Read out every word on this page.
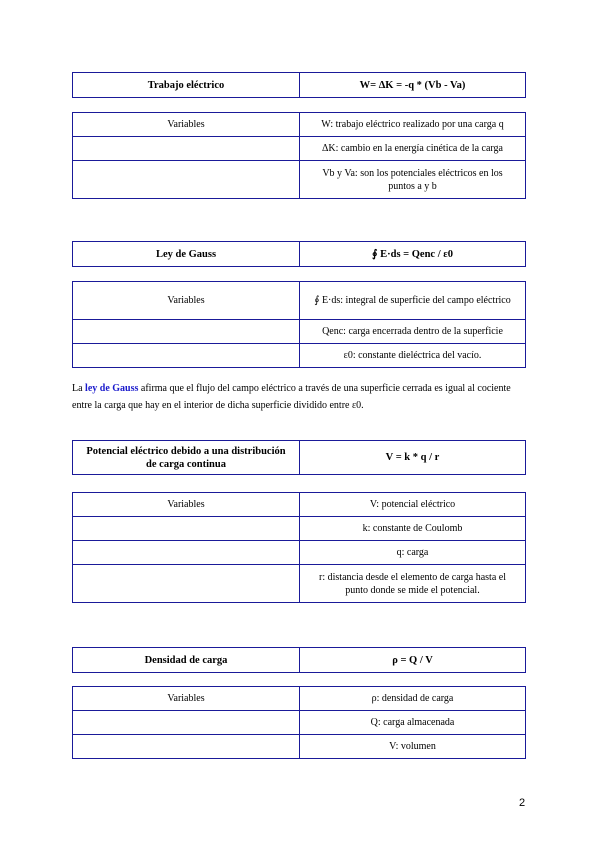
Trabajo eléctrico	W= ΔK = -q * (Vb - Va)
Variables	W: trabajo eléctrico realizado por una carga q
	ΔK: cambio en la energía cinética de la carga
	Vb y Va: son los potenciales eléctricos en los puntos a y b
Ley de Gauss	∮ E·ds = Qenc / ε0
Variables	∮ E·ds: integral de superficie del campo eléctrico
	Qenc: carga encerrada dentro de la superficie
	ε0: constante dieléctrica del vacío.
La ley de Gauss afirma que el flujo del campo eléctrico a través de una superficie cerrada es igual al cociente entre la carga que hay en el interior de dicha superficie dividido entre ε0.
Potencial eléctrico debido a una distribución de carga continua	V = k * q / r
Variables	V: potencial eléctrico
	k: constante de Coulomb
	q: carga
	r: distancia desde el elemento de carga hasta el punto donde se mide el potencial.
Densidad de carga	ρ = Q / V
Variables	ρ: densidad de carga
	Q: carga almacenada
	V: volumen
2
